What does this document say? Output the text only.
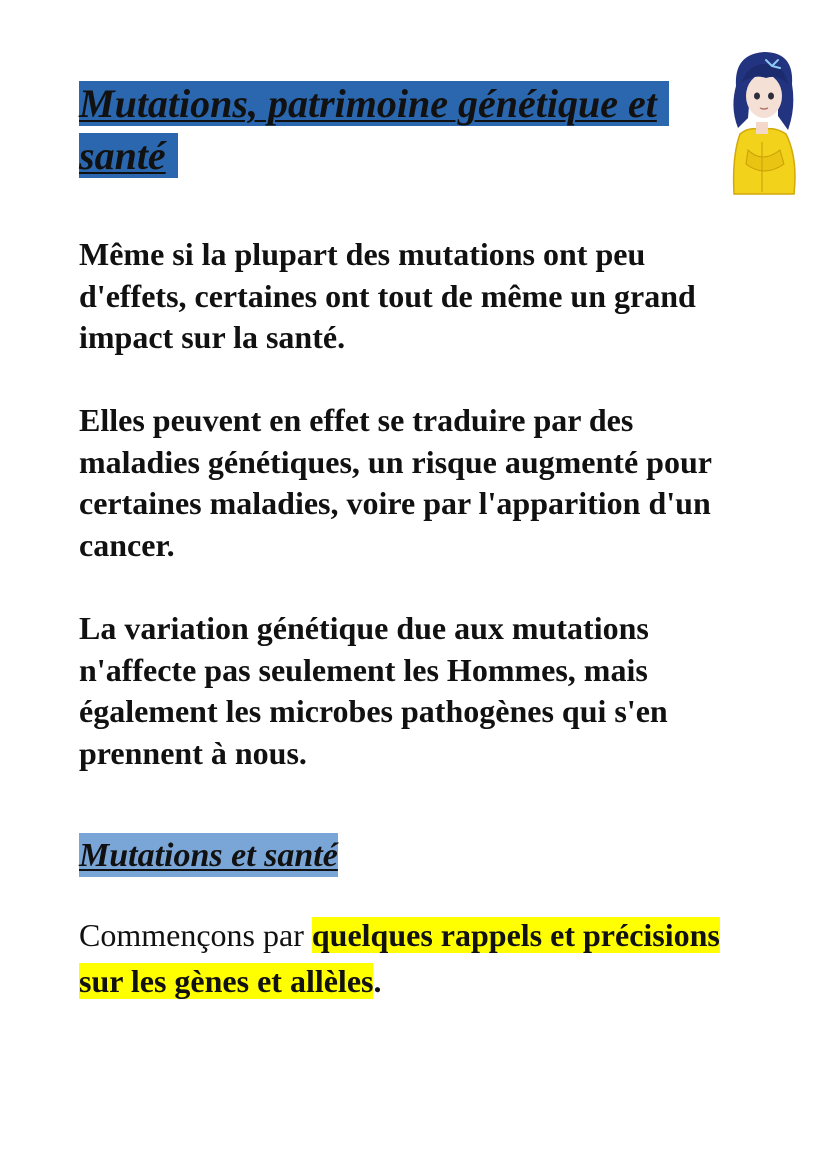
Mutations, patrimoine génétique et santé

Même si la plupart des mutations ont peu d'effets, certaines ont tout de même un grand impact sur la santé.

Elles peuvent en effet se traduire par des maladies génétiques, un risque augmenté pour certaines maladies, voire par l'apparition d'un cancer.

La variation génétique due aux mutations n'affecte pas seulement les Hommes, mais également les microbes pathogènes qui s'en prennent à nous.

Mutations et santé

Commençons par quelques rappels et précisions sur les gènes et allèles.
